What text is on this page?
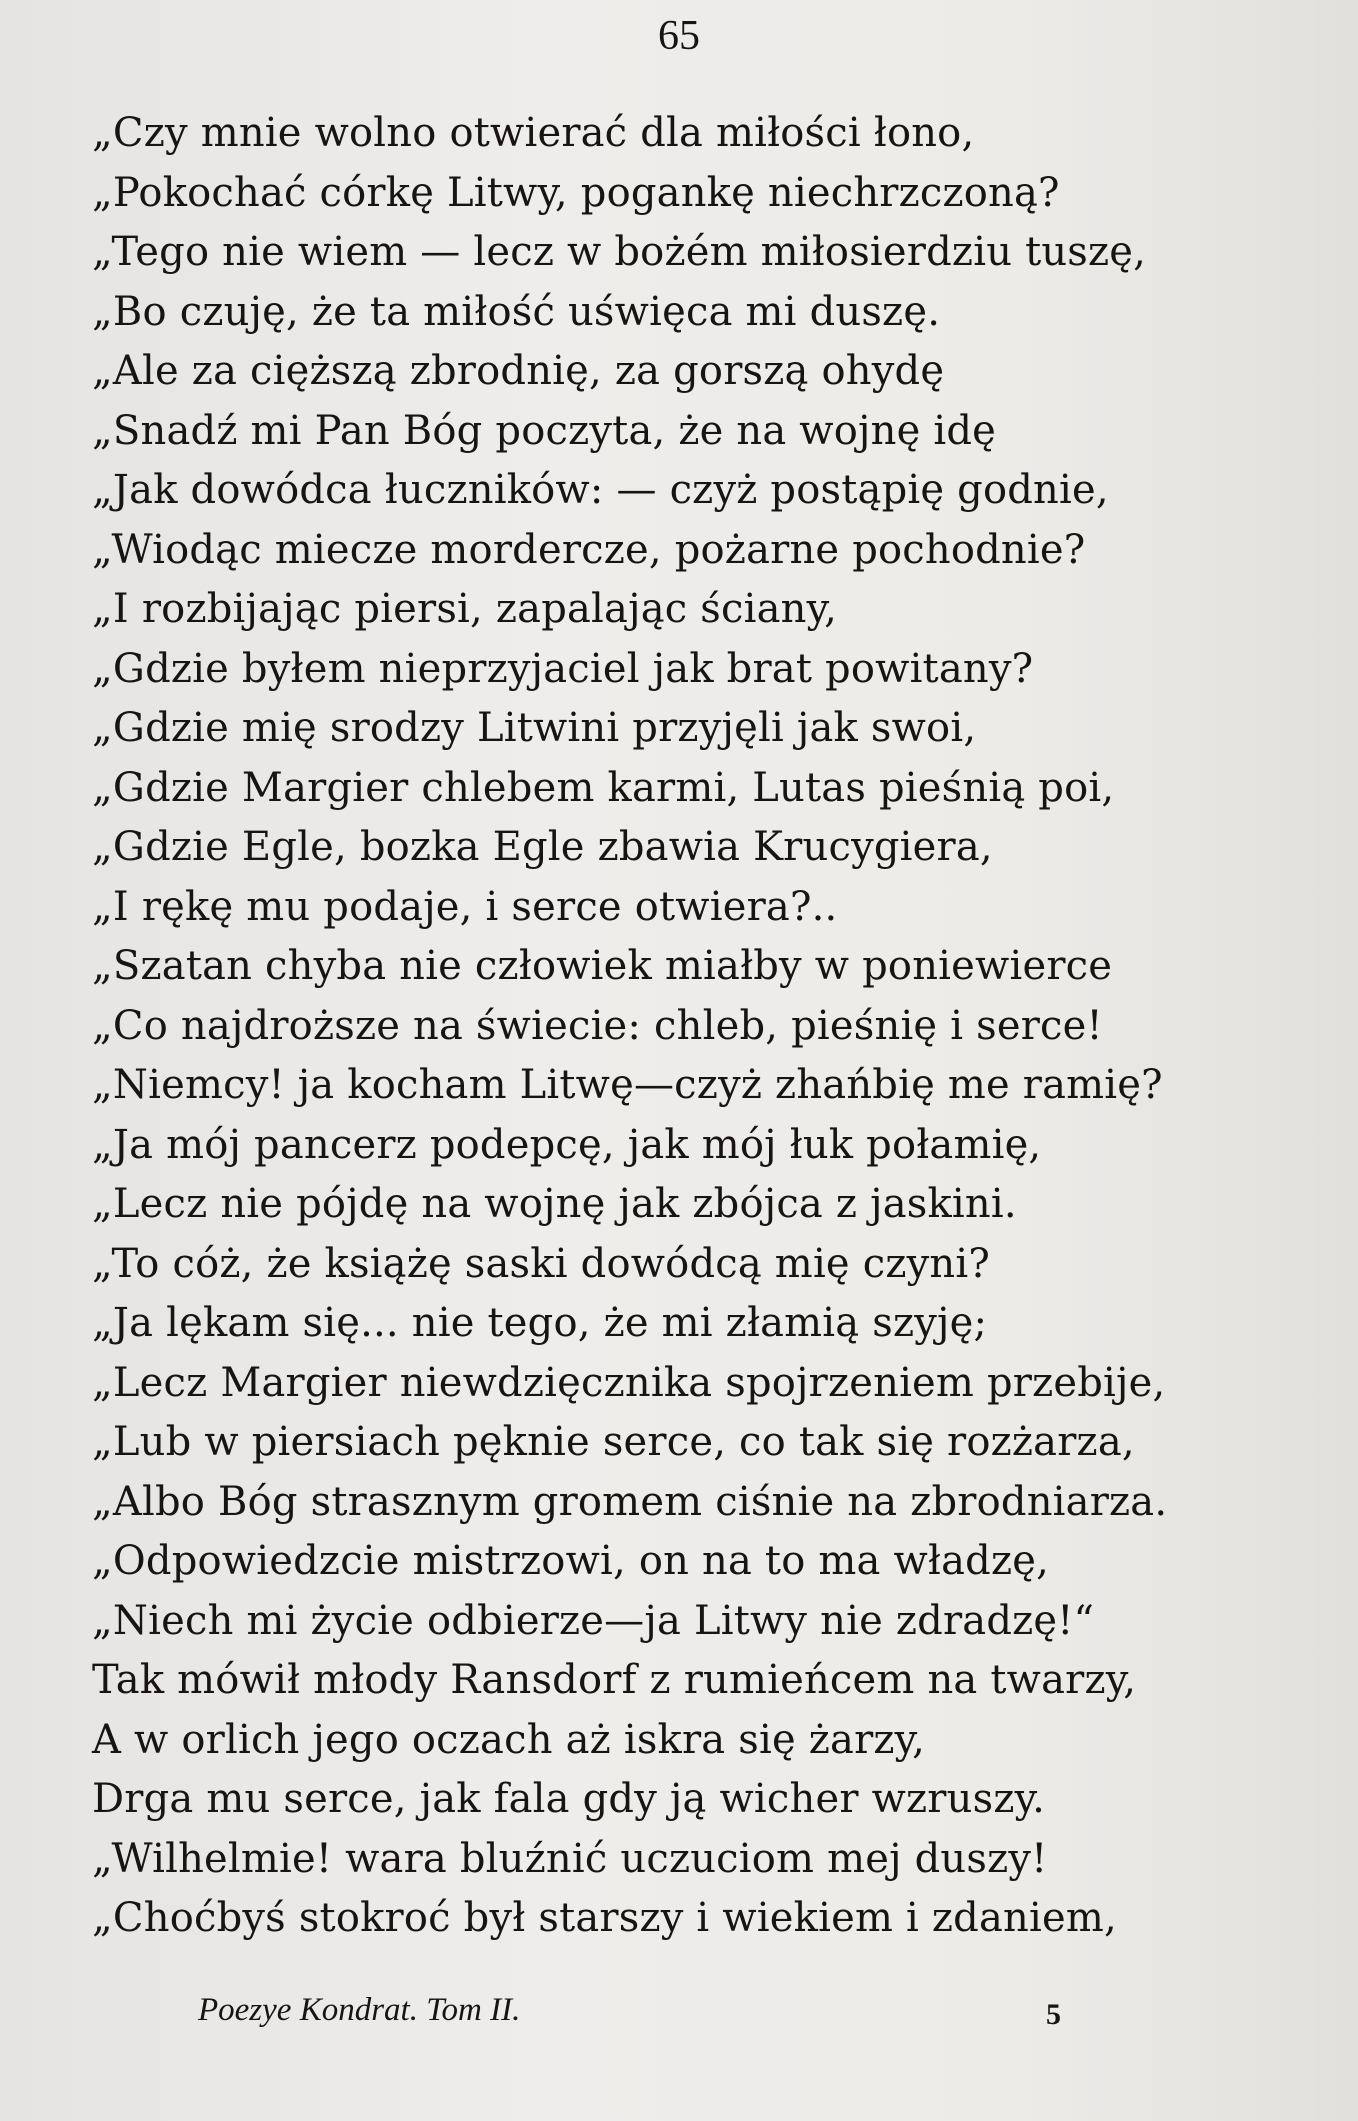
65
„Czy mnie wolno otwierać dla miłości łono,
„Pokochać córkę Litwy, pogankę niechrzczoną?
„Tego nie wiem — lecz w bożém miłosierdziu tuszę,
„Bo czuję, że ta miłość uświęca mi duszę.
„Ale za cięższą zbrodnię, za gorszą ohydę
„Snadź mi Pan Bóg poczyta, że na wojnę idę
„Jak dowódca łuczników: — czyż postąpię godnie,
„Wiodąc miecze mordercze, pożarne pochodnie?
„I rozbijając piersi, zapalając ściany,
„Gdzie byłem nieprzyjaciel jak brat powitany?
„Gdzie mię srodzy Litwini przyjęli jak swoi,
„Gdzie Margier chlebem karmi, Lutas pieśnią poi,
„Gdzie Egle, bozka Egle zbawia Krucygiera,
„I rękę mu podaje, i serce otwiera?..
„Szatan chyba nie człowiek miałby w poniewierce
„Co najdroższe na świecie: chleb, pieśnię i serce!
„Niemcy! ja kocham Litwę—czyż zhańbię me ramię?
„Ja mój pancerz podepcę, jak mój łuk połamię,
„Lecz nie pójdę na wojnę jak zbójca z jaskini.
„To cóż, że książę saski dowódcą mię czyni?
„Ja lękam się... nie tego, że mi złamią szyję;
„Lecz Margier niewdzięcznika spojrzeniem przebije,
„Lub w piersiach pęknie serce, co tak się rozżarza,
„Albo Bóg strasznym gromem ciśnie na zbrodniarza.
„Odpowiedzcie mistrzowi, on na to ma władzę,
„Niech mi życie odbierze—ja Litwy nie zdradzę!“
Tak mówił młody Ransdorf z rumieńcem na twarzy,
A w orlich jego oczach aż iskra się żarzy,
Drga mu serce, jak fala gdy ją wicher wzruszy.
„Wilhelmie! wara bluźnić uczuciom mej duszy!
„Choćbyś stokroć był starszy i wiekiem i zdaniem,
Poezye Kondrat. Tom II.	5
